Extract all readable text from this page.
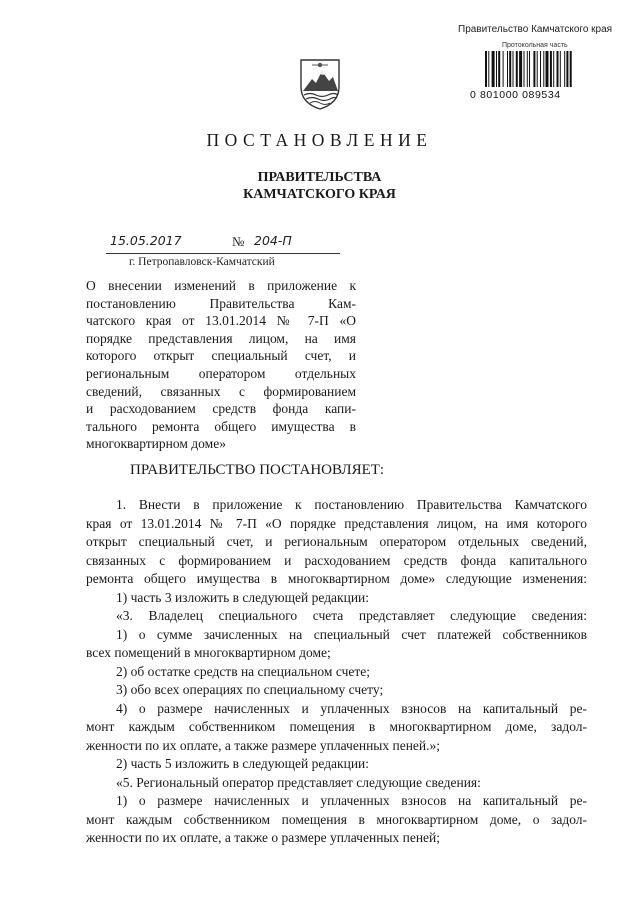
Правительство Камчатского края
Протокольная часть
0 801000 089534
ПОСТАНОВЛЕНИЕ
ПРАВИТЕЛЬСТВА
КАМЧАТСКОГО КРАЯ
15.05.2017	№ 204-П
г. Петропавловск-Камчатский
О внесении изменений в приложение к
постановлению Правительства Кам-
чатского края от 13.01.2014 № 7-П «О
порядке представления лицом, на имя
которого открыт специальный счет, и
региональным оператором отдельных
сведений, связанных с формированием
и расходованием средств фонда капи-
тального ремонта общего имущества в
многоквартирном доме»
ПРАВИТЕЛЬСТВО ПОСТАНОВЛЯЕТ:
1. Внести в приложение к постановлению Правительства Камчатского
края от 13.01.2014 № 7-П «О порядке представления лицом, на имя которого
открыт специальный счет, и региональным оператором отдельных сведений,
связанных с формированием и расходованием средств фонда капитального
ремонта общего имущества в многоквартирном доме» следующие изменения:
1) часть 3 изложить в следующей редакции:
«3. Владелец специального счета представляет следующие сведения:
1) о сумме зачисленных на специальный счет платежей собственников
всех помещений в многоквартирном доме;
2) об остатке средств на специальном счете;
3) обо всех операциях по специальному счету;
4) о размере начисленных и уплаченных взносов на капитальный ре-
монт каждым собственником помещения в многоквартирном доме, задол-
женности по их оплате, а также размере уплаченных пеней.»;
2) часть 5 изложить в следующей редакции:
«5. Региональный оператор представляет следующие сведения:
1) о размере начисленных и уплаченных взносов на капитальный ре-
монт каждым собственником помещения в многоквартирном доме, о задол-
женности по их оплате, а также о размере уплаченных пеней;
